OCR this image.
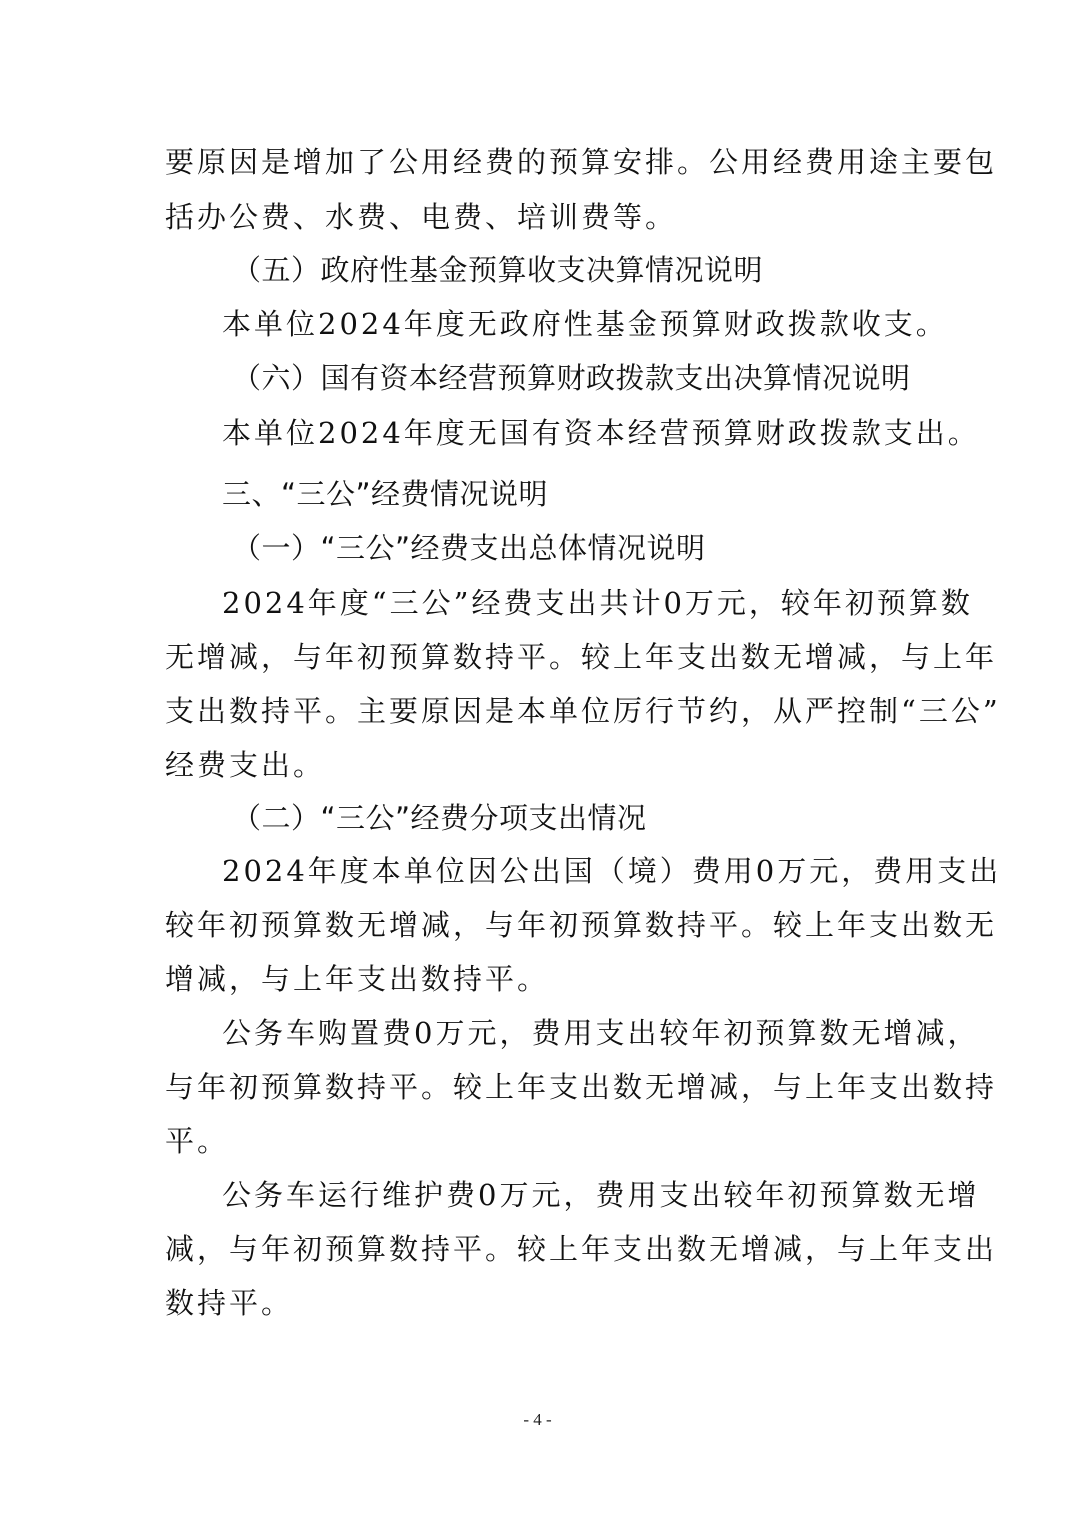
要原因是增加了公用经费的预算安排。公用经费用途主要包
括办公费、水费、电费、培训费等。
（五）政府性基金预算收支决算情况说明
本单位2024年度无政府性基金预算财政拨款收支。
（六）国有资本经营预算财政拨款支出决算情况说明
本单位2024年度无国有资本经营预算财政拨款支出。
三、“三公”经费情况说明
（一）“三公”经费支出总体情况说明
2024年度“三公”经费支出共计0万元，较年初预算数
无增减，与年初预算数持平。较上年支出数无增减，与上年
支出数持平。主要原因是本单位厉行节约，从严控制“三公”
经费支出。
（二）“三公”经费分项支出情况
2024年度本单位因公出国（境）费用0万元，费用支出
较年初预算数无增减，与年初预算数持平。较上年支出数无
增减，与上年支出数持平。
公务车购置费0万元，费用支出较年初预算数无增减，
与年初预算数持平。较上年支出数无增减，与上年支出数持
平。
公务车运行维护费0万元，费用支出较年初预算数无增
减，与年初预算数持平。较上年支出数无增减，与上年支出
数持平。
- 4 -
